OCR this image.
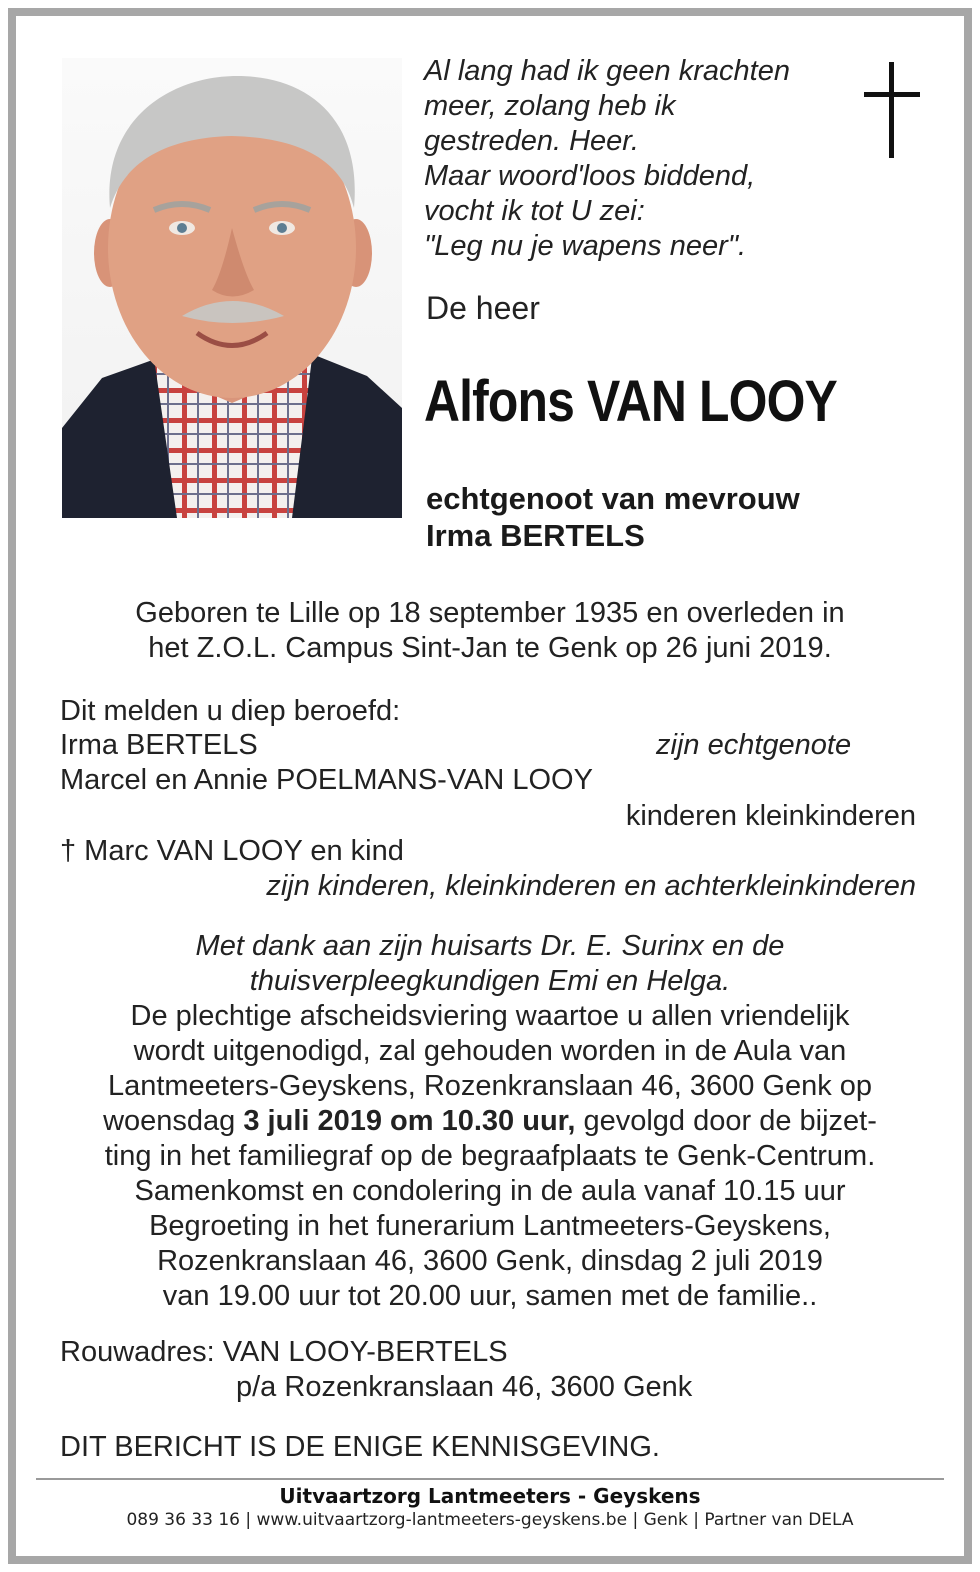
Al lang had ik geen krachten
meer, zolang heb ik
gestreden. Heer.
Maar woord'loos biddend,
vocht ik tot U zei:
"Leg nu je wapens neer".
De heer
Alfons VAN LOOY
echtgenoot van mevrouw
Irma BERTELS
Geboren te Lille op 18 september 1935 en overleden in
het Z.O.L. Campus Sint-Jan te Genk op 26 juni 2019.
Dit melden u diep beroefd:
Irma BERTELS	zijn echtgenote
Marcel en Annie POELMANS-VAN LOOY
kinderen kleinkinderen
† Marc VAN LOOY en kind
zijn kinderen, kleinkinderen en achterkleinkinderen
Met dank aan zijn huisarts Dr. E. Surinx en de
thuisverpleegkundigen Emi en Helga.
De plechtige afscheidsviering waartoe u allen vriendelijk
wordt uitgenodigd, zal gehouden worden in de Aula van
Lantmeeters-Geyskens, Rozenkranslaan 46, 3600 Genk op
woensdag 3 juli 2019 om 10.30 uur, gevolgd door de bijzet-
ting in het familiegraf op de begraafplaats te Genk-Centrum.
Samenkomst en condolering in de aula vanaf 10.15 uur
Begroeting in het funerarium Lantmeeters-Geyskens,
Rozenkranslaan 46, 3600 Genk, dinsdag 2 juli 2019
van 19.00 uur tot 20.00 uur, samen met de familie..
Rouwadres: VAN LOOY-BERTELS
p/a Rozenkranslaan 46, 3600 Genk
DIT BERICHT IS DE ENIGE KENNISGEVING.
Uitvaartzorg Lantmeeters - Geyskens
089 36 33 16 | www.uitvaartzorg-lantmeeters-geyskens.be | Genk | Partner van DELA
